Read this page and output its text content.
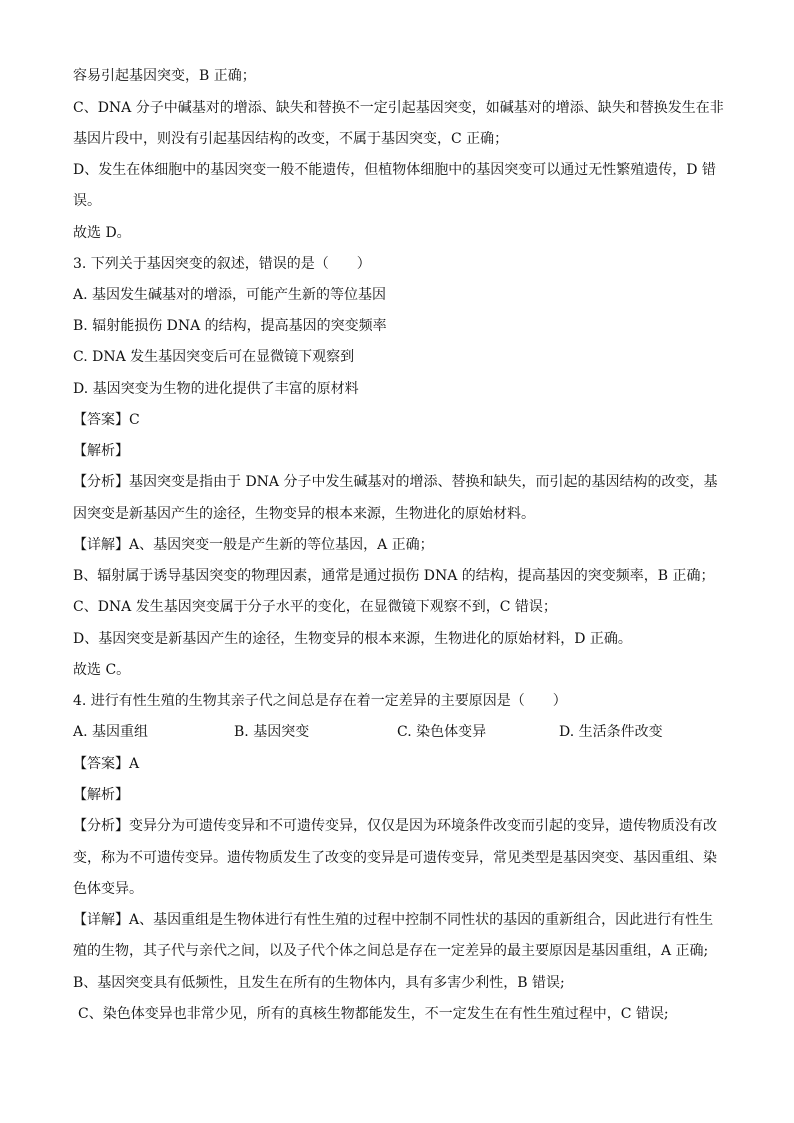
容易引起基因突变，B 正确；
C、DNA 分子中碱基对的增添、缺失和替换不一定引起基因突变，如碱基对的增添、缺失和替换发生在非
基因片段中，则没有引起基因结构的改变，不属于基因突变，C 正确；
D、发生在体细胞中的基因突变一般不能遗传，但植物体细胞中的基因突变可以通过无性繁殖遗传，D 错
误。
故选 D。
3. 下列关于基因突变的叙述，错误的是（　　）
A. 基因发生碱基对的增添，可能产生新的等位基因
B. 辐射能损伤 DNA 的结构，提高基因的突变频率
C. DNA 发生基因突变后可在显微镜下观察到
D. 基因突变为生物的进化提供了丰富的原材料
【答案】C
【解析】
【分析】基因突变是指由于 DNA 分子中发生碱基对的增添、替换和缺失，而引起的基因结构的改变，基
因突变是新基因产生的途径，生物变异的根本来源，生物进化的原始材料。
【详解】A、基因突变一般是产生新的等位基因，A 正确；
B、辐射属于诱导基因突变的物理因素，通常是通过损伤 DNA 的结构，提高基因的突变频率，B 正确；
C、DNA 发生基因突变属于分子水平的变化，在显微镜下观察不到，C 错误；
D、基因突变是新基因产生的途径，生物变异的根本来源，生物进化的原始材料，D 正确。
故选 C。
4. 进行有性生殖的生物其亲子代之间总是存在着一定差异的主要原因是（　　）
A. 基因重组	B. 基因突变	C. 染色体变异	D. 生活条件改变
【答案】A
【解析】
【分析】变异分为可遗传变异和不可遗传变异，仅仅是因为环境条件改变而引起的变异，遗传物质没有改
变，称为不可遗传变异。遗传物质发生了改变的变异是可遗传变异，常见类型是基因突变、基因重组、染
色体变异。
【详解】A、基因重组是生物体进行有性生殖的过程中控制不同性状的基因的重新组合，因此进行有性生
殖的生物，其子代与亲代之间，以及子代个体之间总是存在一定差异的最主要原因是基因重组，A 正确;
B、基因突变具有低频性，且发生在所有的生物体内，具有多害少利性，B 错误;
C、染色体变异也非常少见，所有的真核生物都能发生，不一定发生在有性生殖过程中，C 错误;
